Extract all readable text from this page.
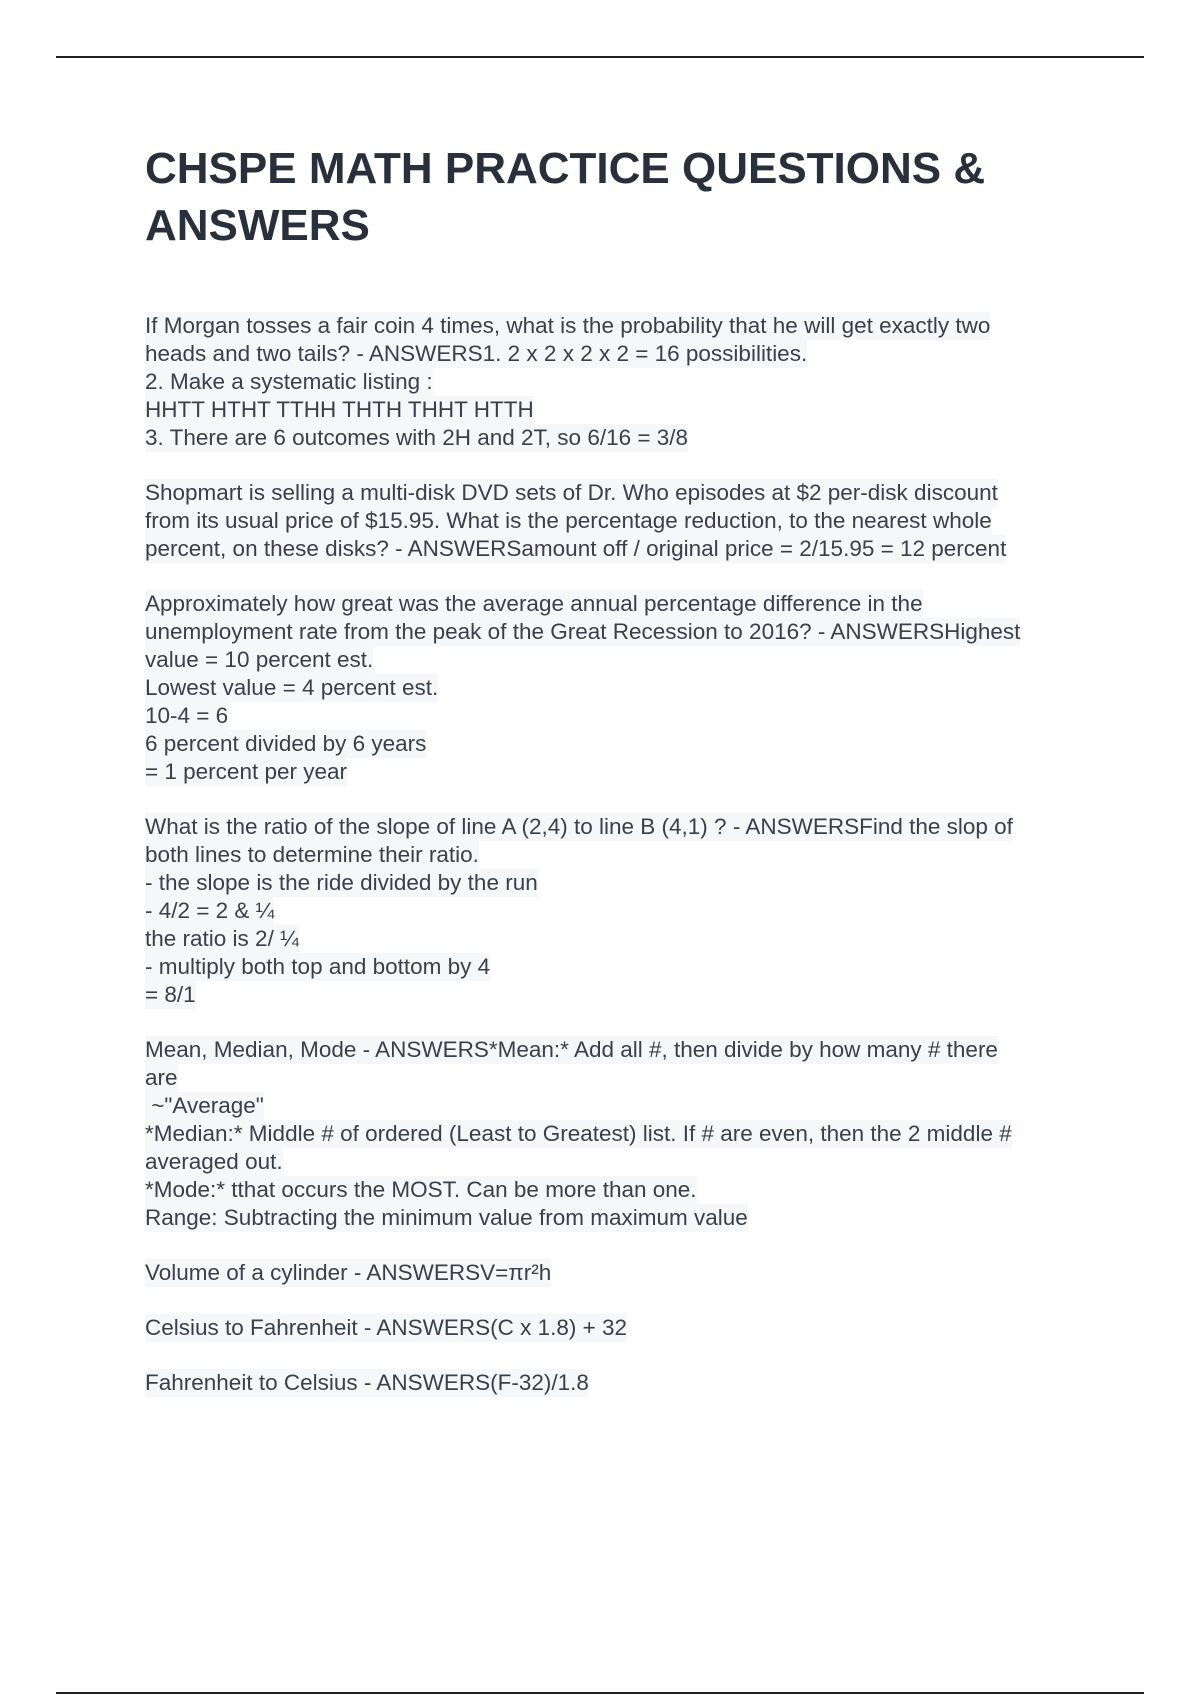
CHSPE MATH PRACTICE QUESTIONS &
ANSWERS
If Morgan tosses a fair coin 4 times, what is the probability that he will get exactly two
heads and two tails? - ANSWERS1. 2 x 2 x 2 x 2 = 16 possibilities.
2. Make a systematic listing :
HHTT HTHT TTHH THTH THHT HTTH
3. There are 6 outcomes with 2H and 2T, so 6/16 = 3/8
Shopmart is selling a multi-disk DVD sets of Dr. Who episodes at $2 per-disk discount
from its usual price of $15.95. What is the percentage reduction, to the nearest whole
percent, on these disks? - ANSWERSamount off / original price = 2/15.95 = 12 percent
Approximately how great was the average annual percentage difference in the
unemployment rate from the peak of the Great Recession to 2016? - ANSWERSHighest
value = 10 percent est.
Lowest value = 4 percent est.
10-4 = 6
6 percent divided by 6 years
= 1 percent per year
What is the ratio of the slope of line A (2,4) to line B (4,1) ? - ANSWERSFind the slop of
both lines to determine their ratio.
- the slope is the ride divided by the run
- 4/2 = 2 & ¼
the ratio is 2/ ¼
- multiply both top and bottom by 4
= 8/1
Mean, Median, Mode - ANSWERS*Mean:* Add all #, then divide by how many # there
are
~"Average"
*Median:* Middle # of ordered (Least to Greatest) list. If # are even, then the 2 middle #
averaged out.
*Mode:* tthat occurs the MOST. Can be more than one.
Range: Subtracting the minimum value from maximum value
Volume of a cylinder - ANSWERSV=πr²h
Celsius to Fahrenheit - ANSWERS(C x 1.8) + 32
Fahrenheit to Celsius - ANSWERS(F-32)/1.8
